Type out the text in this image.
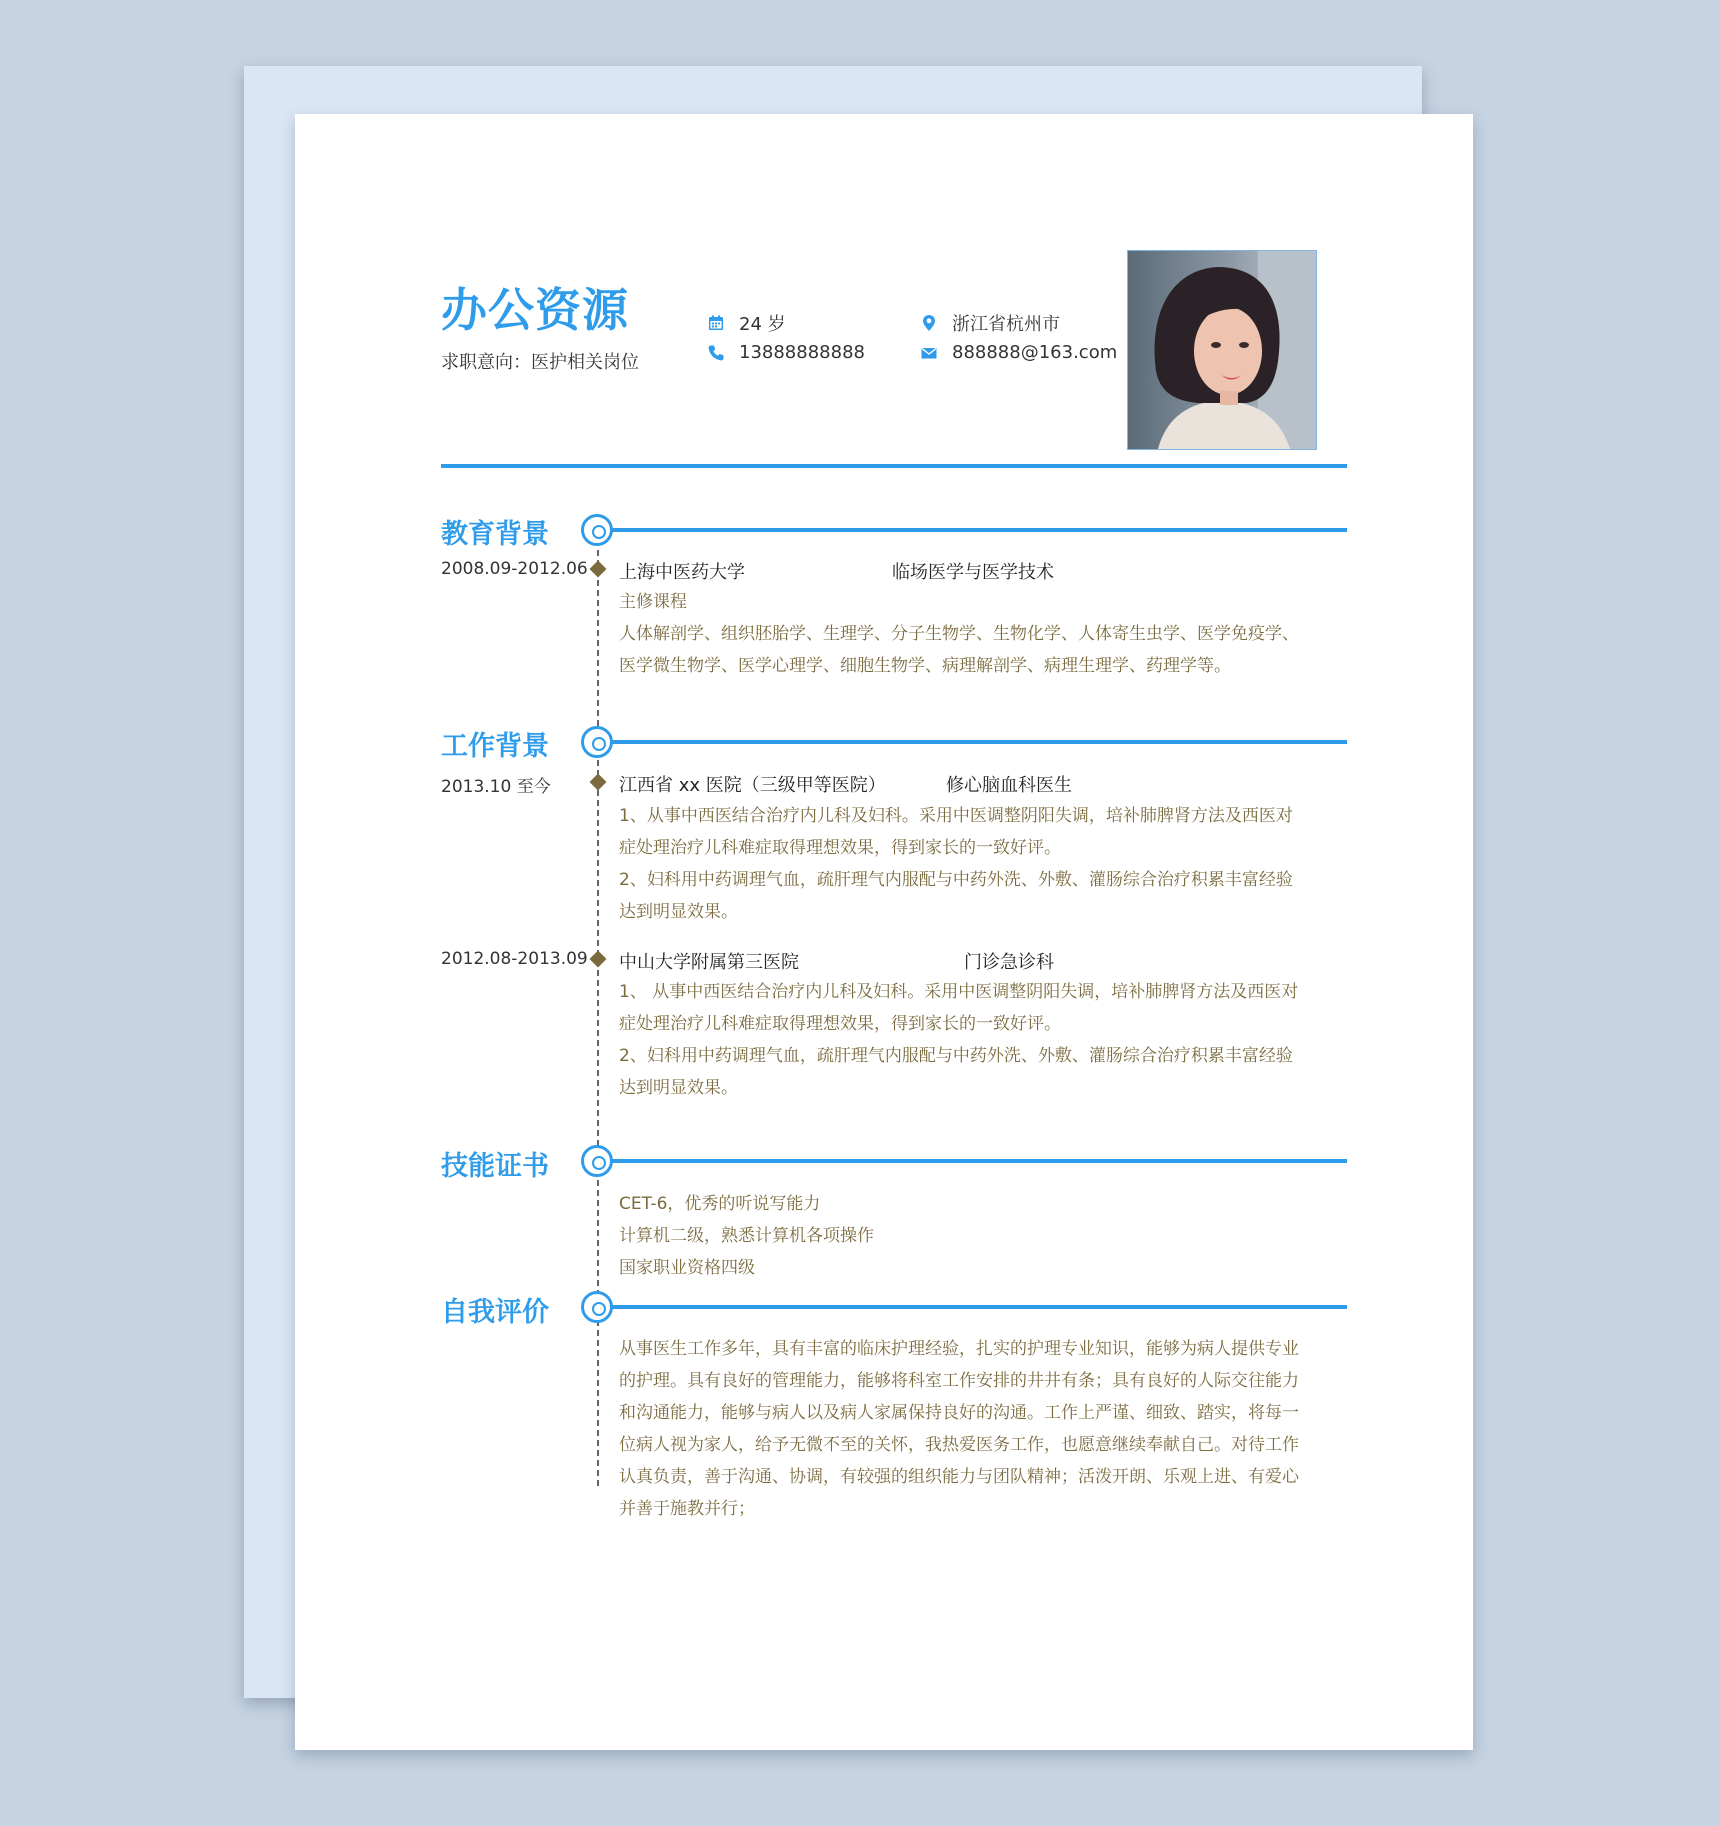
办公资源
求职意向：医护相关岗位
24 岁
13888888888
浙江省杭州市
888888@163.com
教育背景
2008.09-2012.06 上海中医药大学	临场医学与医学技术
主修课程
人体解剖学、组织胚胎学、生理学、分子生物学、生物化学、人体寄生虫学、医学免疫学、
医学微生物学、医学心理学、细胞生物学、病理解剖学、病理生理学、药理学等。
工作背景
2013.10 至今	江西省 xx 医院（三级甲等医院）	修心脑血科医生
1、从事中西医结合治疗内儿科及妇科。采用中医调整阴阳失调，培补肺脾肾方法及西医对
症处理治疗儿科难症取得理想效果，得到家长的一致好评。
2、妇科用中药调理气血，疏肝理气内服配与中药外洗、外敷、灌肠综合治疗积累丰富经验
达到明显效果。
2012.08-2013.09 中山大学附属第三医院	门诊急诊科
1、 从事中西医结合治疗内儿科及妇科。采用中医调整阴阳失调，培补肺脾肾方法及西医对
症处理治疗儿科难症取得理想效果，得到家长的一致好评。
2、妇科用中药调理气血，疏肝理气内服配与中药外洗、外敷、灌肠综合治疗积累丰富经验
达到明显效果。
技能证书
CET-6，优秀的听说写能力
计算机二级，熟悉计算机各项操作
国家职业资格四级
自我评价
从事医生工作多年，具有丰富的临床护理经验，扎实的护理专业知识，能够为病人提供专业
的护理。具有良好的管理能力，能够将科室工作安排的井井有条；具有良好的人际交往能力
和沟通能力，能够与病人以及病人家属保持良好的沟通。工作上严谨、细致、踏实，将每一
位病人视为家人，给予无微不至的关怀，我热爱医务工作，也愿意继续奉献自己。对待工作
认真负责，善于沟通、协调，有较强的组织能力与团队精神；活泼开朗、乐观上进、有爱心
并善于施教并行；
